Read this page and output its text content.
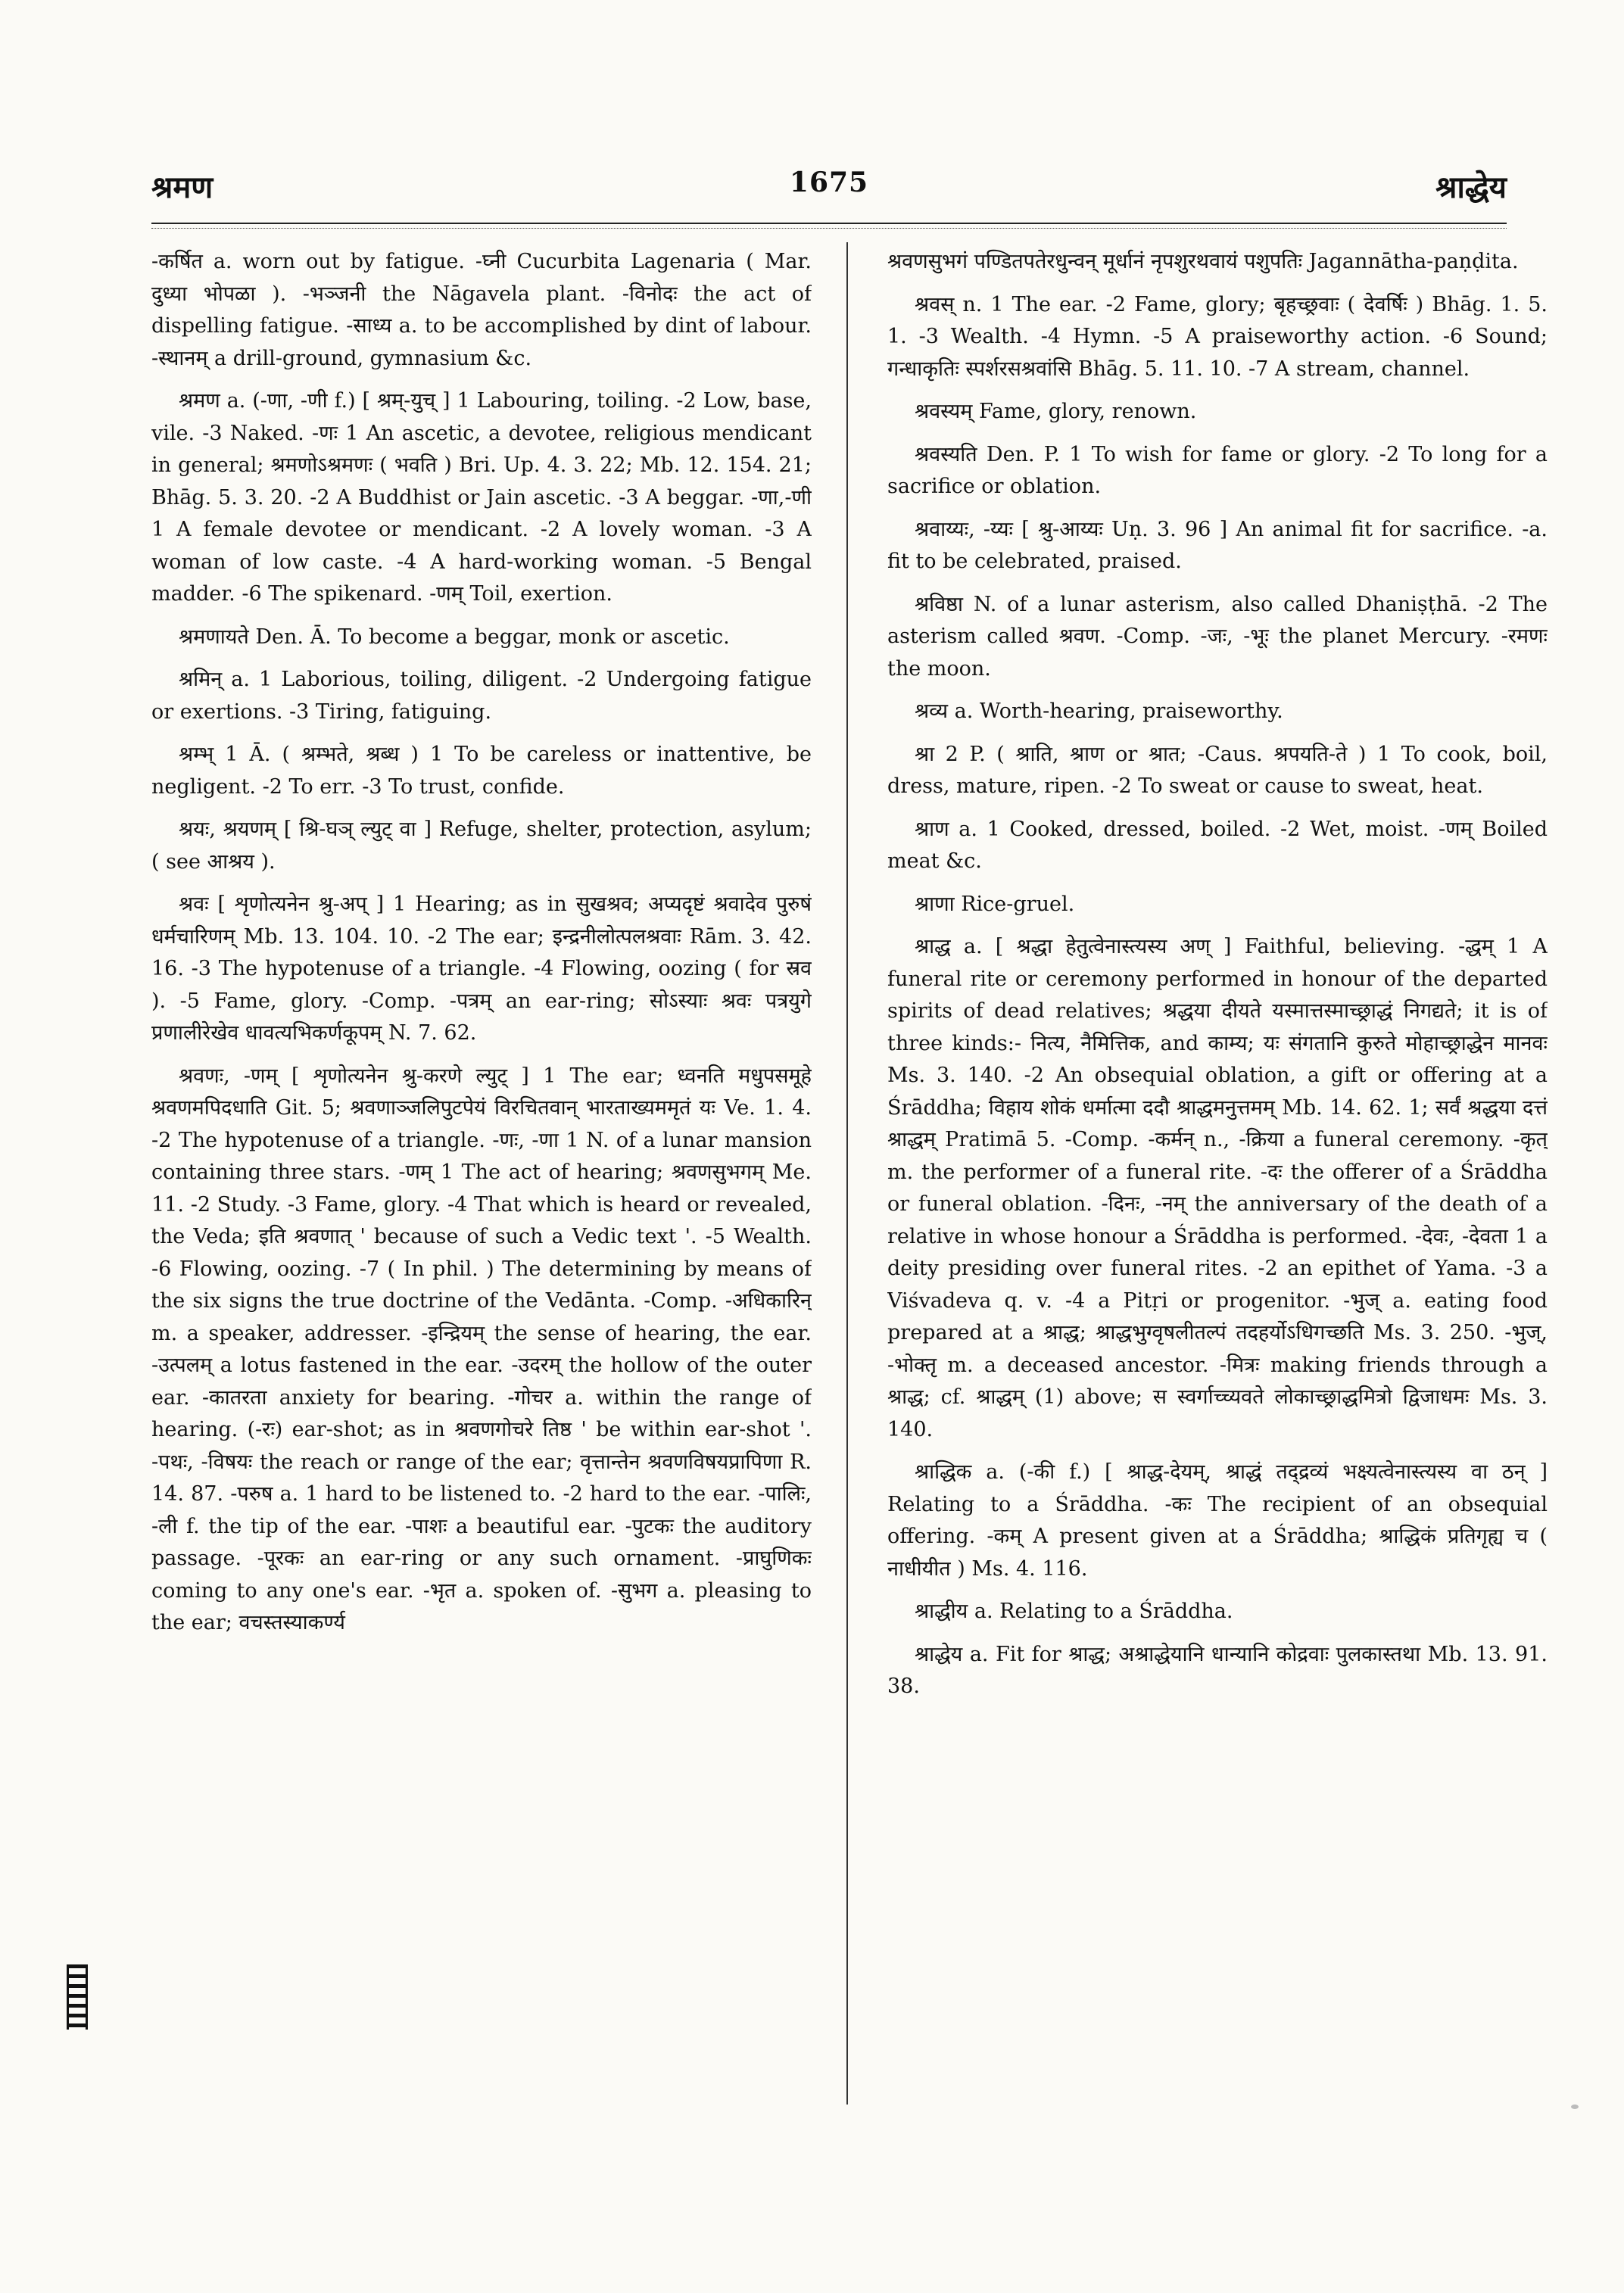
श्रमण	1675	श्राद्धेय

-कर्षित a. worn out by fatigue. -घ्नी Cucurbita Lagenaria ( Mar. दुध्या भोपळा ). -भञ्जनी the Nāgavela plant. -विनोदः the act of dispelling fatigue. -साध्य a. to be accomplished by dint of labour. -स्थानम् a drill-ground, gymnasium &c.

श्रमण a. (-णा, -णी f.) [ श्रम्-युच् ] 1 Labouring, toiling. -2 Low, base, vile. -3 Naked. -णः 1 An ascetic, a devotee, religious mendicant in general; श्रमणोऽश्रमणः ( भवति ) Bri. Up. 4. 3. 22; Mb. 12. 154. 21; Bhāg. 5. 3. 20. -2 A Buddhist or Jain ascetic. -3 A beggar. -णा,-णी 1 A female devotee or mendicant. -2 A lovely woman. -3 A woman of low caste. -4 A hard-working woman. -5 Bengal madder. -6 The spikenard. -णम् Toil, exertion.

श्रमणायते Den. Ā. To become a beggar, monk or ascetic.

श्रमिन् a. 1 Laborious, toiling, diligent. -2 Undergoing fatigue or exertions. -3 Tiring, fatiguing.

श्रम्भ् 1 Ā. ( श्रम्भते, श्रब्ध ) 1 To be careless or inattentive, be negligent. -2 To err. -3 To trust, confide.

श्रयः, श्रयणम् [ श्रि-घञ् ल्युट् वा ] Refuge, shelter, protection, asylum; ( see आश्रय ).

श्रवः [ शृणोत्यनेन श्रु-अप् ] 1 Hearing; as in सुखश्रव; अप्यदृष्टं श्रवादेव पुरुषं धर्मचारिणम् Mb. 13. 104. 10. -2 The ear; इन्द्रनीलोत्पलश्रवाः Rām. 3. 42. 16. -3 The hypotenuse of a triangle. -4 Flowing, oozing ( for स्रव ). -5 Fame, glory. -Comp. -पत्रम् an ear-ring; सोऽस्याः श्रवः पत्रयुगे प्रणालीरेखेव धावत्यभिकर्णकूपम् N. 7. 62.

श्रवणः, -णम् [ शृणोत्यनेन श्रु-करणे ल्युट् ] 1 The ear; ध्वनति मधुपसमूहे श्रवणमपिदधाति Git. 5; श्रवणाञ्जलिपुटपेयं विरचितवान् भारताख्यममृतं यः Ve. 1. 4. -2 The hypotenuse of a triangle. -णः, -णा 1 N. of a lunar mansion containing three stars. -णम् 1 The act of hearing; श्रवणसुभगम् Me. 11. -2 Study. -3 Fame, glory. -4 That which is heard or revealed, the Veda; इति श्रवणात् ' because of such a Vedic text '. -5 Wealth. -6 Flowing, oozing. -7 ( In phil. ) The determining by means of the six signs the true doctrine of the Vedānta. -Comp. -अधिकारिन् m. a speaker, addresser. -इन्द्रियम् the sense of hearing, the ear. -उत्पलम् a lotus fastened in the ear. -उदरम् the hollow of the outer ear. -कातरता anxiety for bearing. -गोचर a. within the range of hearing. (-रः) ear-shot; as in श्रवणगोचरे तिष्ठ ' be within ear-shot '. -पथः, -विषयः the reach or range of the ear; वृत्तान्तेन श्रवणविषयप्रापिणा R. 14. 87. -परुष a. 1 hard to be listened to. -2 hard to the ear. -पालिः, -ली f. the tip of the ear. -पाशः a beautiful ear. -पुटकः the auditory passage. -पूरकः an ear-ring or any such ornament. -प्राघुणिकः coming to any one's ear. -भृत a. spoken of. -सुभग a. pleasing to the ear; वचस्तस्याकर्ण्य

श्रवणसुभगं पण्डितपतेरधुन्वन् मूर्धानं नृपशुरथवायं पशुपतिः Jagannātha-paṇḍita.

श्रवस् n. 1 The ear. -2 Fame, glory; बृहच्छ्रवाः ( देवर्षिः ) Bhāg. 1. 5. 1. -3 Wealth. -4 Hymn. -5 A praiseworthy action. -6 Sound; गन्धाकृतिः स्पर्शरसश्रवांसि Bhāg. 5. 11. 10. -7 A stream, channel.

श्रवस्यम् Fame, glory, renown.

श्रवस्यति Den. P. 1 To wish for fame or glory. -2 To long for a sacrifice or oblation.

श्रवाय्यः, -य्यः [ श्रु-आय्यः Uṇ. 3. 96 ] An animal fit for sacrifice. -a. fit to be celebrated, praised.

श्रविष्ठा N. of a lunar asterism, also called Dhaniṣṭhā. -2 The asterism called श्रवण. -Comp. -जः, -भूः the planet Mercury. -रमणः the moon.

श्रव्य a. Worth-hearing, praiseworthy.

श्रा 2 P. ( श्राति, श्राण or श्रात; -Caus. श्रपयति-ते ) 1 To cook, boil, dress, mature, ripen. -2 To sweat or cause to sweat, heat.

श्राण a. 1 Cooked, dressed, boiled. -2 Wet, moist. -णम् Boiled meat &c.

श्राणा Rice-gruel.

श्राद्ध a. [ श्रद्धा हेतुत्वेनास्त्यस्य अण् ] Faithful, believing. -द्धम् 1 A funeral rite or ceremony performed in honour of the departed spirits of dead relatives; श्रद्धया दीयते यस्मात्तस्माच्छ्राद्धं निगद्यते; it is of three kinds:- नित्य, नैमित्तिक, and काम्य; यः संगतानि कुरुते मोहाच्छ्राद्धेन मानवः Ms. 3. 140. -2 An obsequial oblation, a gift or offering at a Śrāddha; विहाय शोकं धर्मात्मा ददौ श्राद्धमनुत्तमम् Mb. 14. 62. 1; सर्वं श्रद्धया दत्तं श्राद्धम् Pratimā 5. -Comp. -कर्मन् n., -क्रिया a funeral ceremony. -कृत् m. the performer of a funeral rite. -दः the offerer of a Śrāddha or funeral oblation. -दिनः, -नम् the anniversary of the death of a relative in whose honour a Śrāddha is performed. -देवः, -देवता 1 a deity presiding over funeral rites. -2 an epithet of Yama. -3 a Viśvadeva q. v. -4 a Pitṛi or progenitor. -भुज् a. eating food prepared at a श्राद्ध; श्राद्धभुग्वृषलीतल्पं तदहर्योऽधिगच्छति Ms. 3. 250. -भुज्, -भोक्तृ m. a deceased ancestor. -मित्रः making friends through a श्राद्ध; cf. श्राद्धम् (1) above; स स्वर्गाच्च्यवते लोकाच्छ्राद्धमित्रो द्विजाधमः Ms. 3. 140.

श्राद्धिक a. (-की f.) [ श्राद्ध-देयम्, श्राद्धं तद्द्रव्यं भक्ष्यत्वेनास्त्यस्य वा ठन् ] Relating to a Śrāddha. -कः The recipient of an obsequial offering. -कम् A present given at a Śrāddha; श्राद्धिकं प्रतिगृह्य च ( नाधीयीत ) Ms. 4. 116.

श्राद्धीय a. Relating to a Śrāddha.

श्राद्धेय a. Fit for श्राद्ध; अश्राद्धेयानि धान्यानि कोद्रवाः पुलकास्तथा Mb. 13. 91. 38.
